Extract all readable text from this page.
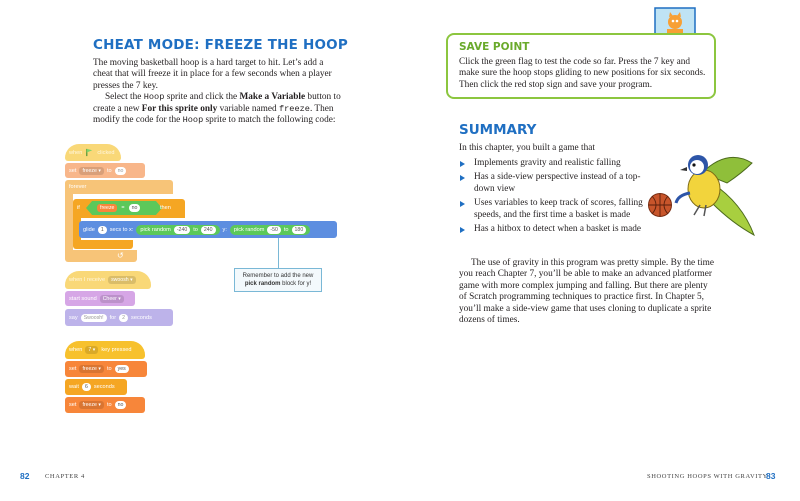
CHEAT MODE: FREEZE THE HOOP

The moving basketball hoop is a hard target to hit. Let’s add a cheat that will freeze it in place for a few seconds when a player presses the 7 key.

Select the Hoop sprite and click the Make a Variable button to create a new For this sprite only variable named freeze. Then modify the code for the Hoop sprite to match the following code:

when	clicked
set	freeze ▾	to	no
forever
↺
if	freeze	=	no	then
glide	1	secs to x: pick random	-240	to	240	y: pick random	-50	to	180
Remember to add the new
pick random block for y!
when I receive	swoosh ▾
start sound	Cheer ▾
say	Swoosh!	for	2	seconds
when	7 ▾	key pressed
set	freeze ▾	to	yes
wait	6	seconds
set	freeze ▾	to	no
82 CHAPTER 4
SAVE POINT
Click the green flag to test the code so far. Press the 7 key and make sure the hoop stops gliding to new positions for six seconds. Then click the red stop sign and save your program.
SUMMARY
In this chapter, you built a game that
Implements gravity and realistic falling
Has a side-view perspective instead of a top-down view
Uses variables to keep track of scores, falling speeds, and the first time a basket is made
Has a hitbox to detect when a basket is made
The use of gravity in this program was pretty simple. By the time you reach Chapter 7, you’ll be able to make an advanced platformer game with more complex jumping and falling. But there are plenty of Scratch programming techniques to practice first. In Chapter 5, you’ll make a side-view game that uses cloning to duplicate a sprite dozens of times.
SHOOTING HOOPS WITH GRAVITY
83
